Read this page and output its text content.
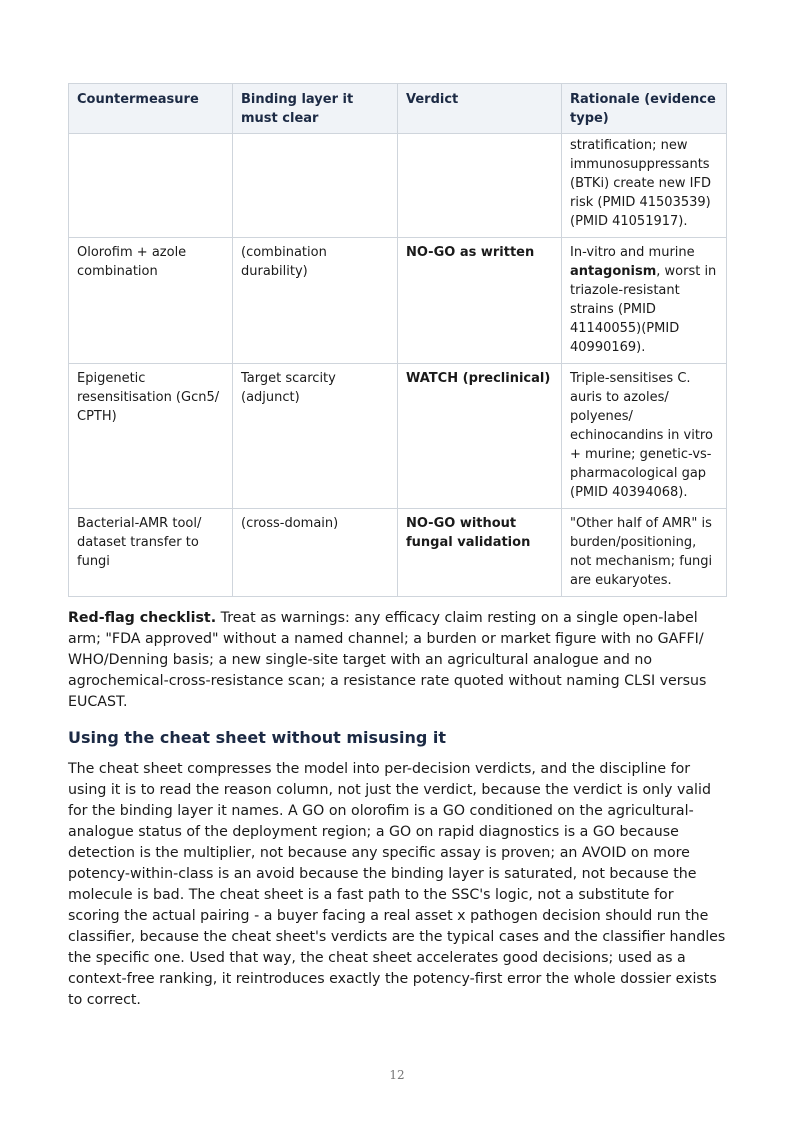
Countermeasure	Binding layer it must clear	Verdict	Rationale (evidence type)
			stratification; new immunosuppressants (BTKi) create new IFD risk (PMID 41503539) (PMID 41051917).
Olorofim + azole combination	(combination durability)	NO-GO as written	In-vitro and murine antagonism, worst in triazole-resistant strains (PMID 41140055)(PMID 40990169).
Epigenetic resensitisation (Gcn5/ CPTH)	Target scarcity (adjunct)	WATCH (preclinical)	Triple-sensitises C. auris to azoles/ polyenes/ echinocandins in vitro + murine; genetic-vs-pharmacological gap (PMID 40394068).
Bacterial-AMR tool/ dataset transfer to fungi	(cross-domain)	NO-GO without fungal validation	"Other half of AMR" is burden/positioning, not mechanism; fungi are eukaryotes.

Red-flag checklist. Treat as warnings: any efficacy claim resting on a single open-label arm; "FDA approved" without a named channel; a burden or market figure with no GAFFI/ WHO/Denning basis; a new single-site target with an agricultural analogue and no agrochemical-cross-resistance scan; a resistance rate quoted without naming CLSI versus EUCAST.

Using the cheat sheet without misusing it

The cheat sheet compresses the model into per-decision verdicts, and the discipline for using it is to read the reason column, not just the verdict, because the verdict is only valid for the binding layer it names. A GO on olorofim is a GO conditioned on the agricultural-analogue status of the deployment region; a GO on rapid diagnostics is a GO because detection is the multiplier, not because any specific assay is proven; an AVOID on more potency-within-class is an avoid because the binding layer is saturated, not because the molecule is bad. The cheat sheet is a fast path to the SSC's logic, not a substitute for scoring the actual pairing - a buyer facing a real asset x pathogen decision should run the classifier, because the cheat sheet's verdicts are the typical cases and the classifier handles the specific one. Used that way, the cheat sheet accelerates good decisions; used as a context-free ranking, it reintroduces exactly the potency-first error the whole dossier exists to correct.

12
